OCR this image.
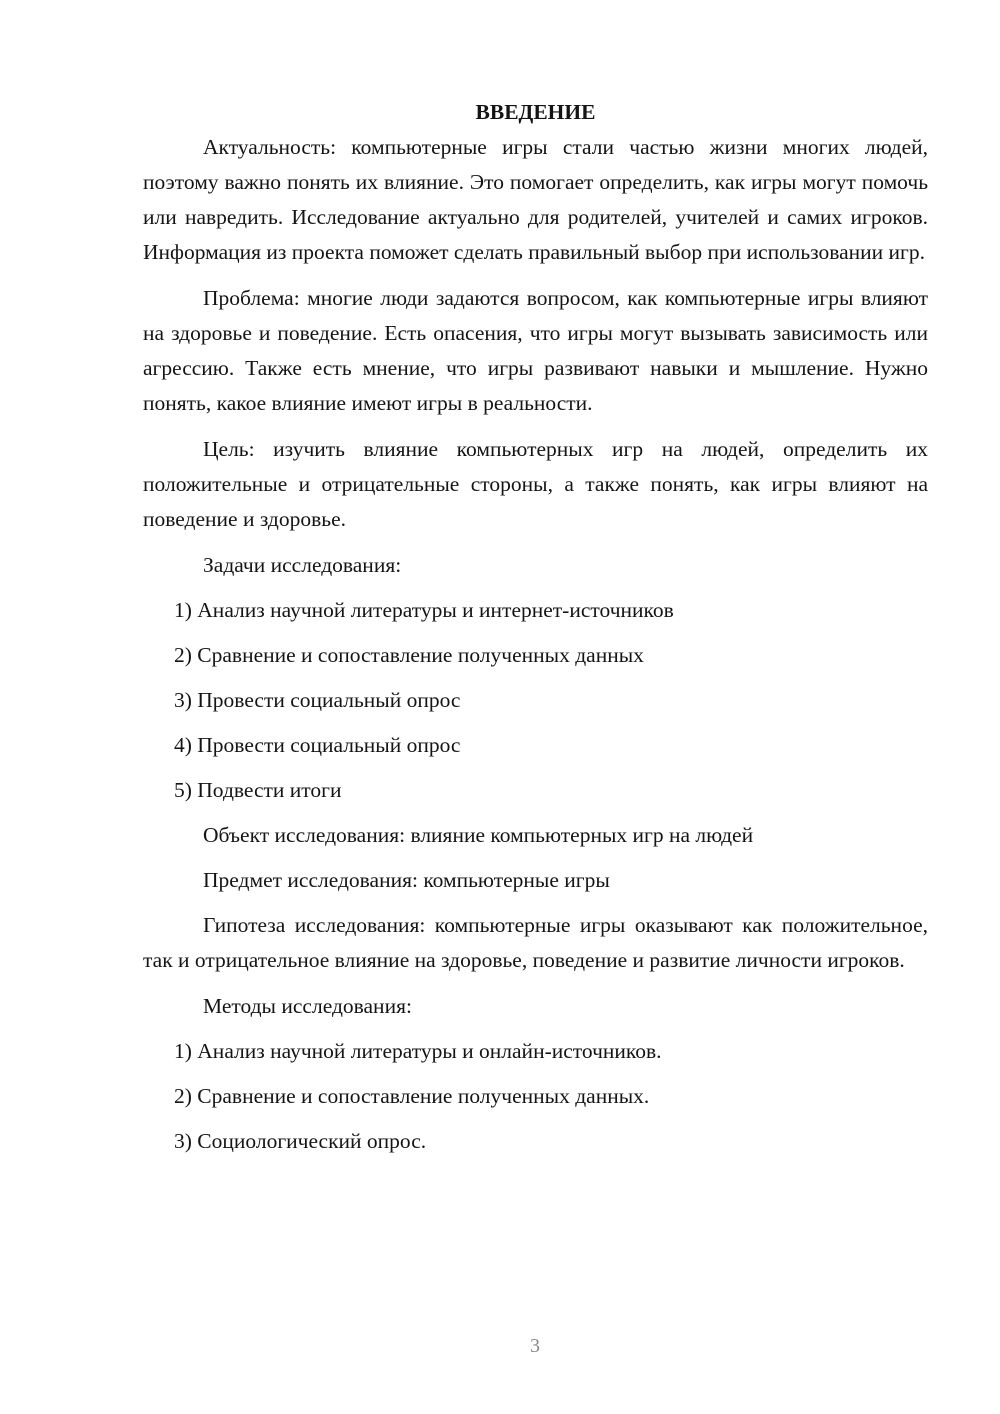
ВВЕДЕНИЕ

Актуальность: компьютерные игры стали частью жизни многих людей, поэтому важно понять их влияние. Это помогает определить, как игры могут помочь или навредить. Исследование актуально для родителей, учителей и самих игроков. Информация из проекта поможет сделать правильный выбор при использовании игр.

Проблема: многие люди задаются вопросом, как компьютерные игры влияют на здоровье и поведение. Есть опасения, что игры могут вызывать зависимость или агрессию. Также есть мнение, что игры развивают навыки и мышление. Нужно понять, какое влияние имеют игры в реальности.

Цель: изучить влияние компьютерных игр на людей, определить их положительные и отрицательные стороны, а также понять, как игры влияют на поведение и здоровье.

Задачи исследования:
1) Анализ научной литературы и интернет-источников
2) Сравнение и сопоставление полученных данных
3) Провести социальный опрос
4) Провести социальный опрос
5) Подвести итоги
Объект исследования: влияние компьютерных игр на людей
Предмет исследования: компьютерные игры

Гипотеза исследования: компьютерные игры оказывают как положительное, так и отрицательное влияние на здоровье, поведение и развитие личности игроков.

Методы исследования:
1) Анализ научной литературы и онлайн-источников.
2) Сравнение и сопоставление полученных данных.
3) Социологический опрос.
3
